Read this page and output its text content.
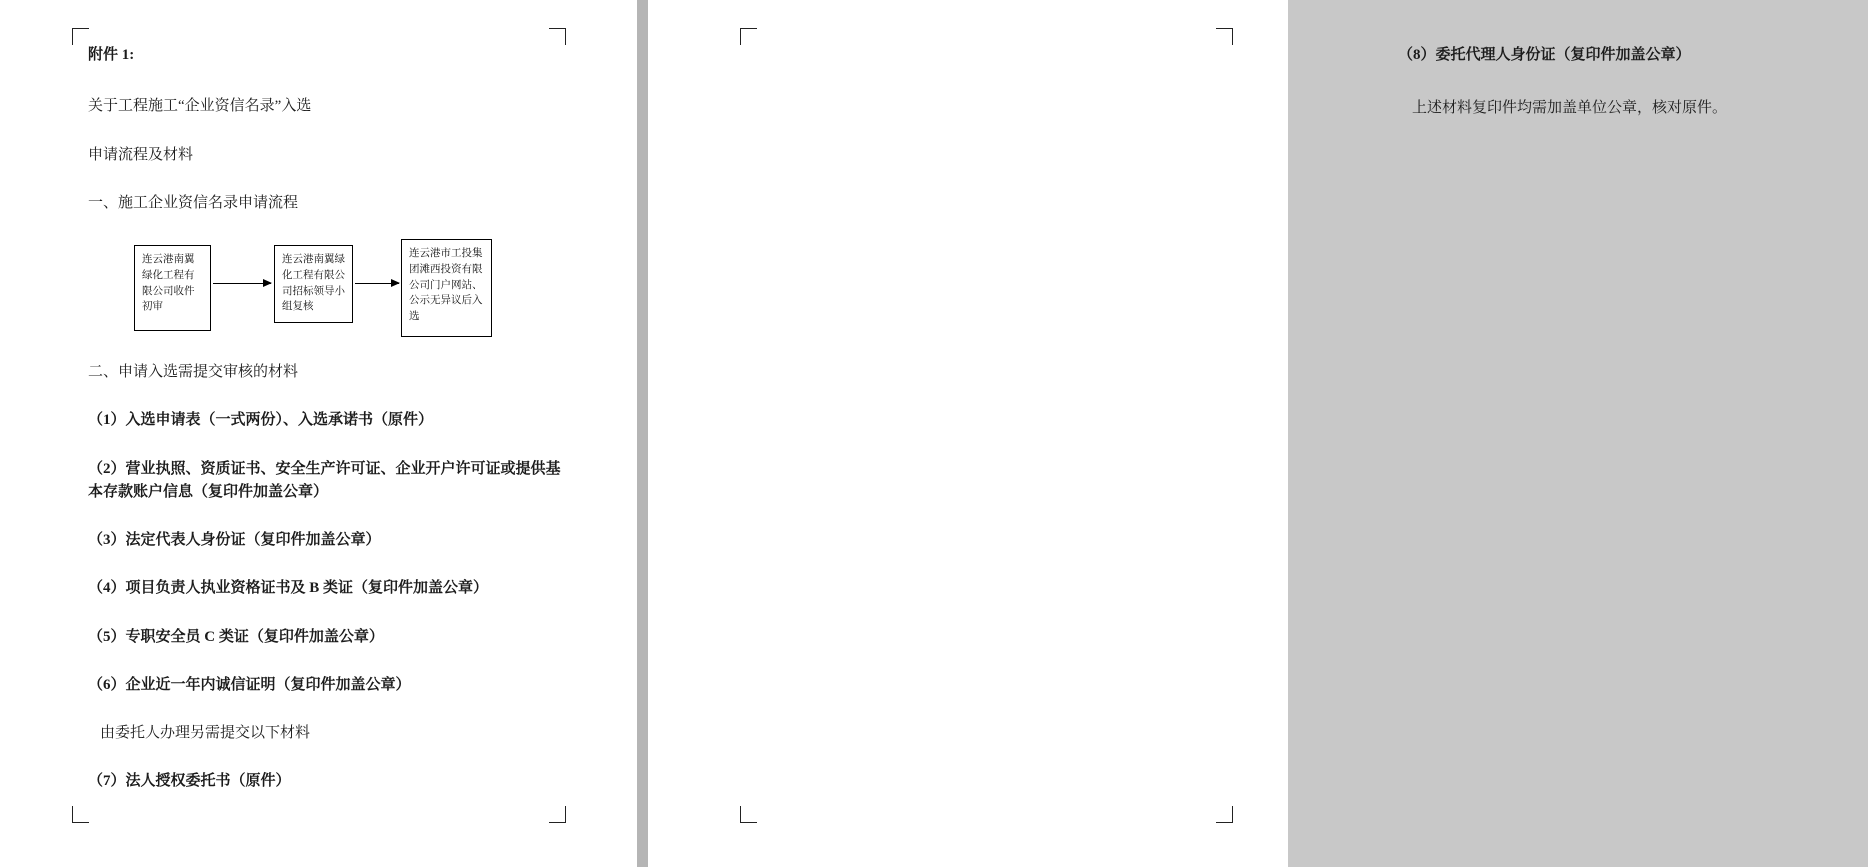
附件 1:

关于工程施工“企业资信名录”入选

申请流程及材料

一、施工企业资信名录申请流程

连云港南翼绿化工程有限公司收件初审
连云港南翼绿化工程有限公司招标领导小组复核
连云港市工投集团滩西投资有限公司门户网站、公示无异议后入选

二、申请入选需提交审核的材料

（1）入选申请表（一式两份）、入选承诺书（原件）

（2）营业执照、资质证书、安全生产许可证、企业开户许可证或提供基本存款账户信息（复印件加盖公章）

（3）法定代表人身份证（复印件加盖公章）

（4）项目负责人执业资格证书及 B 类证（复印件加盖公章）

（5）专职安全员 C 类证（复印件加盖公章）

（6）企业近一年内诚信证明（复印件加盖公章）

由委托人办理另需提交以下材料

（7）法人授权委托书（原件）

（8）委托代理人身份证（复印件加盖公章）

上述材料复印件均需加盖单位公章，核对原件。
